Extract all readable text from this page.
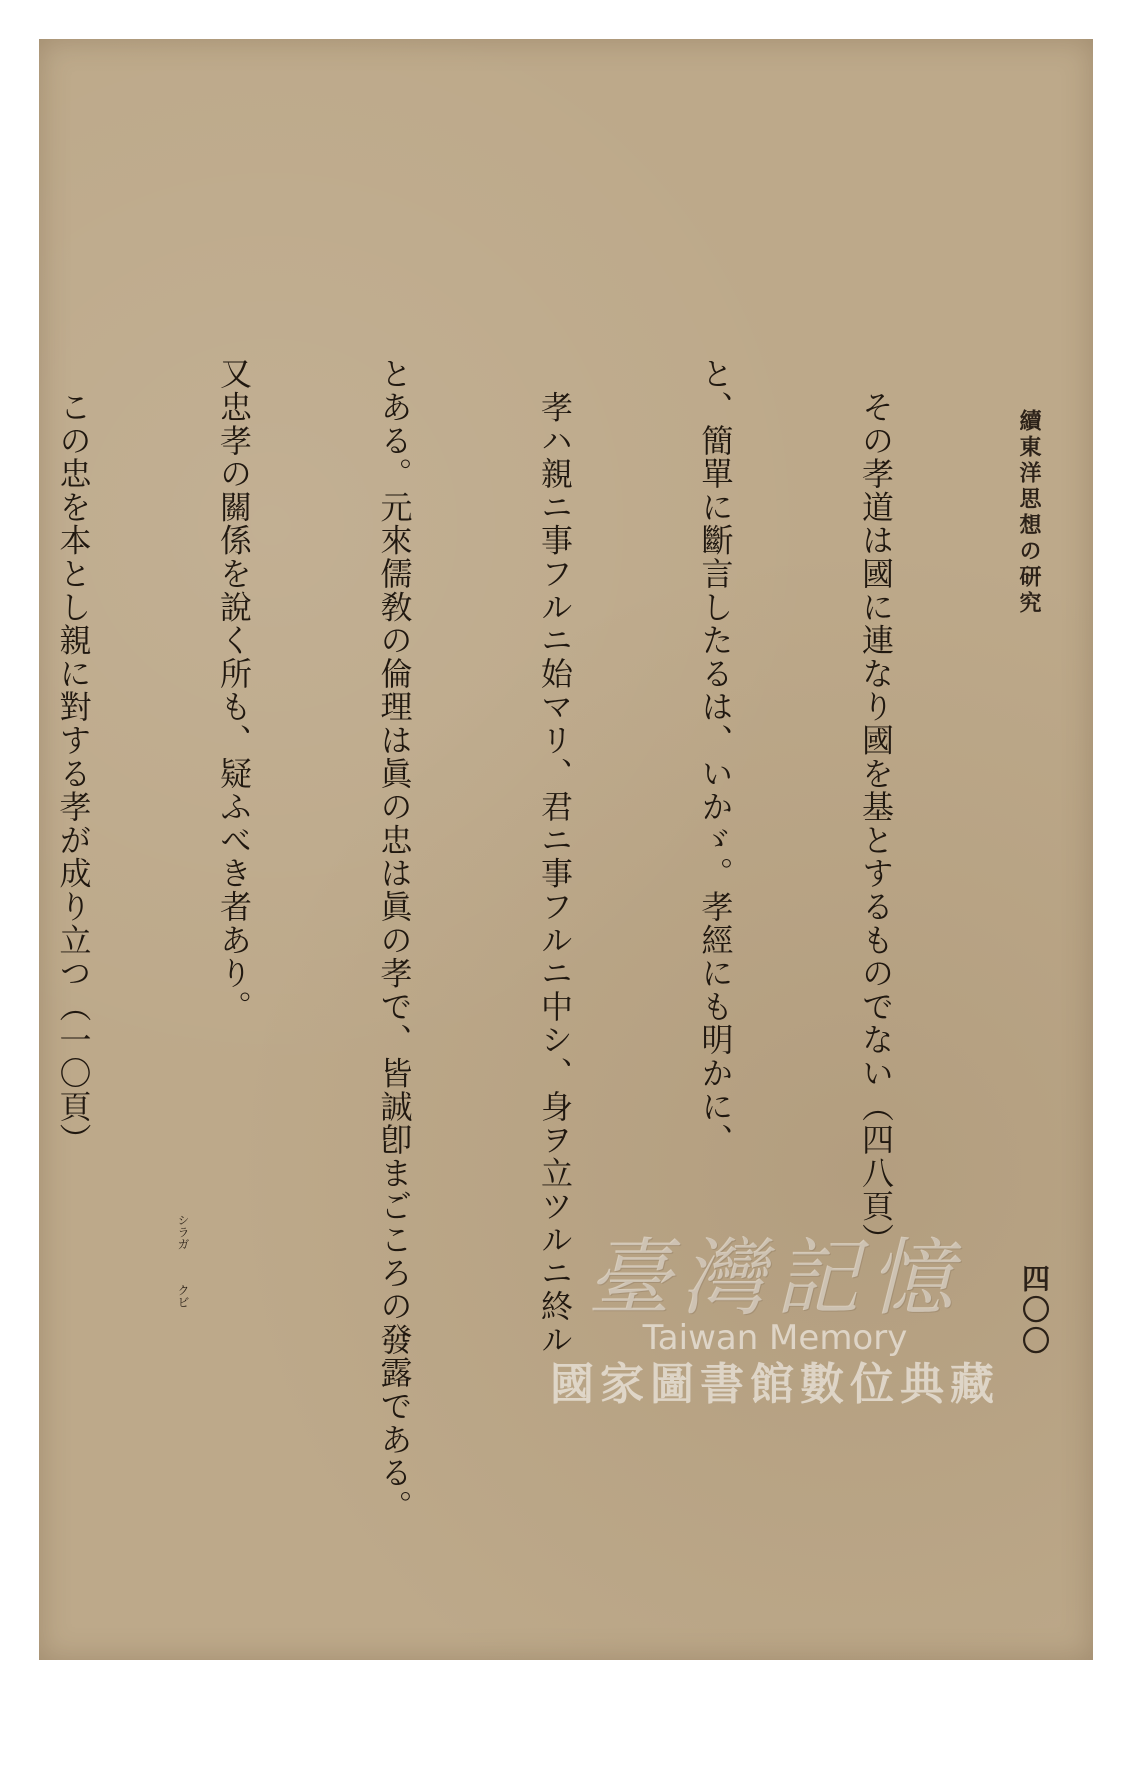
續東洋思想の研究

　その孝道は國に連なり國を基とするものでない（四八頁）

と、簡單に斷言したるは、いかゞ。孝經にも明かに、

　孝ハ親ニ事フルニ始マリ、君ニ事フルニ中シ、身ヲ立ツルニ終ル

とある。元來儒敎の倫理は眞の忠は眞の孝で、皆誠卽まごころの發露である。

又忠孝の關係を說く所も、疑ふべき者あり。

　この忠を本とし親に對する孝が成り立つ（一〇頁）

シラガ
クビ	四〇〇
臺灣記憶
Taiwan Memory
國家圖書館數位典藏
